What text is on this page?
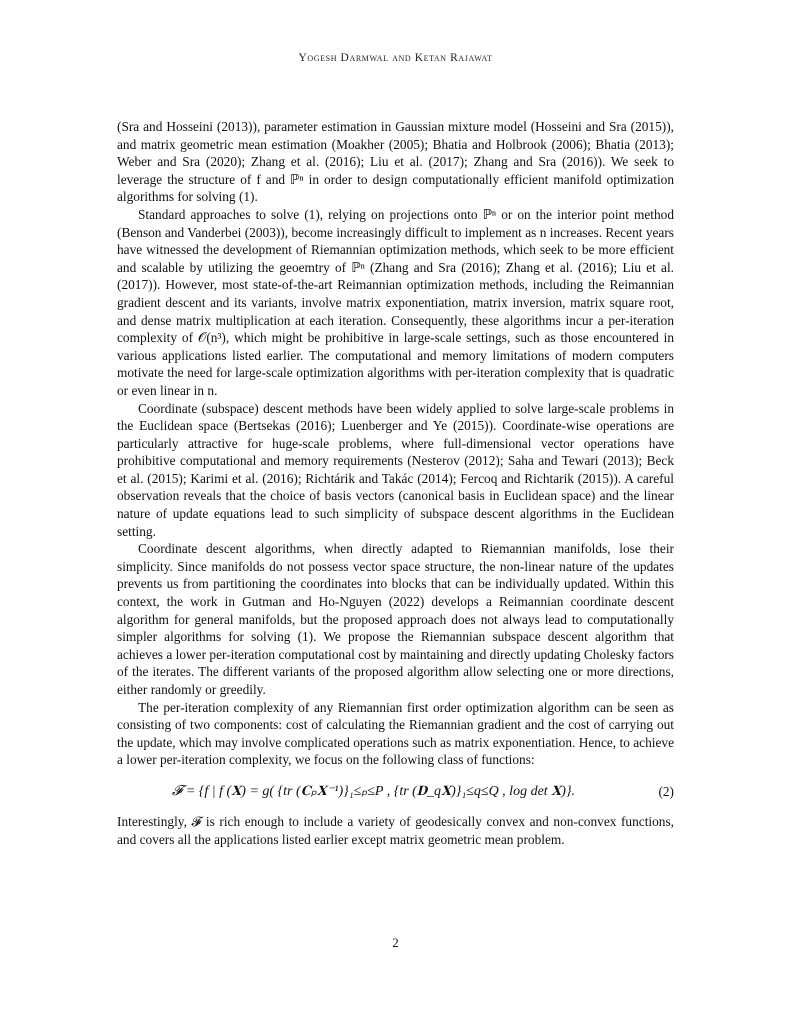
Yogesh Darmwal and Ketan Rajawat

(Sra and Hosseini (2013)), parameter estimation in Gaussian mixture model (Hosseini and Sra (2015)), and matrix geometric mean estimation (Moakher (2005); Bhatia and Holbrook (2006); Bhatia (2013); Weber and Sra (2020); Zhang et al. (2016); Liu et al. (2017); Zhang and Sra (2016)). We seek to leverage the structure of f and ℙⁿ in order to design computationally efficient manifold optimization algorithms for solving (1).

Standard approaches to solve (1), relying on projections onto ℙⁿ or on the interior point method (Benson and Vanderbei (2003)), become increasingly difficult to implement as n increases. Recent years have witnessed the development of Riemannian optimization methods, which seek to be more efficient and scalable by utilizing the geoemtry of ℙⁿ (Zhang and Sra (2016); Zhang et al. (2016); Liu et al. (2017)). However, most state-of-the-art Reimannian optimization methods, including the Reimannian gradient descent and its variants, involve matrix exponentiation, matrix inversion, matrix square root, and dense matrix multiplication at each iteration. Consequently, these algorithms incur a per-iteration complexity of 𝒪(n³), which might be prohibitive in large-scale settings, such as those encountered in various applications listed earlier. The computational and memory limitations of modern computers motivate the need for large-scale optimization algorithms with per-iteration complexity that is quadratic or even linear in n.

Coordinate (subspace) descent methods have been widely applied to solve large-scale problems in the Euclidean space (Bertsekas (2016); Luenberger and Ye (2015)). Coordinate-wise operations are particularly attractive for huge-scale problems, where full-dimensional vector operations have prohibitive computational and memory requirements (Nesterov (2012); Saha and Tewari (2013); Beck et al. (2015); Karimi et al. (2016); Richtárik and Takác (2014); Fercoq and Richtarik (2015)). A careful observation reveals that the choice of basis vectors (canonical basis in Euclidean space) and the linear nature of update equations lead to such simplicity of subspace descent algorithms in the Euclidean setting.

Coordinate descent algorithms, when directly adapted to Riemannian manifolds, lose their simplicity. Since manifolds do not possess vector space structure, the non-linear nature of the updates prevents us from partitioning the coordinates into blocks that can be individually updated. Within this context, the work in Gutman and Ho-Nguyen (2022) develops a Reimannian coordinate descent algorithm for general manifolds, but the proposed approach does not always lead to computationally simpler algorithms for solving (1). We propose the Riemannian subspace descent algorithm that achieves a lower per-iteration computational cost by maintaining and directly updating Cholesky factors of the iterates. The different variants of the proposed algorithm allow selecting one or more directions, either randomly or greedily.

The per-iteration complexity of any Riemannian first order optimization algorithm can be seen as consisting of two components: cost of calculating the Riemannian gradient and the cost of carrying out the update, which may involve complicated operations such as matrix exponentiation. Hence, to achieve a lower per-iteration complexity, we focus on the following class of functions:

𝓕 = {f | f (𝐗) = g( {tr (𝐂ₚ𝐗⁻¹)}₁≤ₚ≤P , {tr (𝐃_q𝐗)}₁≤q≤Q , log det 𝐗)}.	(2)

Interestingly, 𝓕 is rich enough to include a variety of geodesically convex and non-convex functions, and covers all the applications listed earlier except matrix geometric mean problem.

2
